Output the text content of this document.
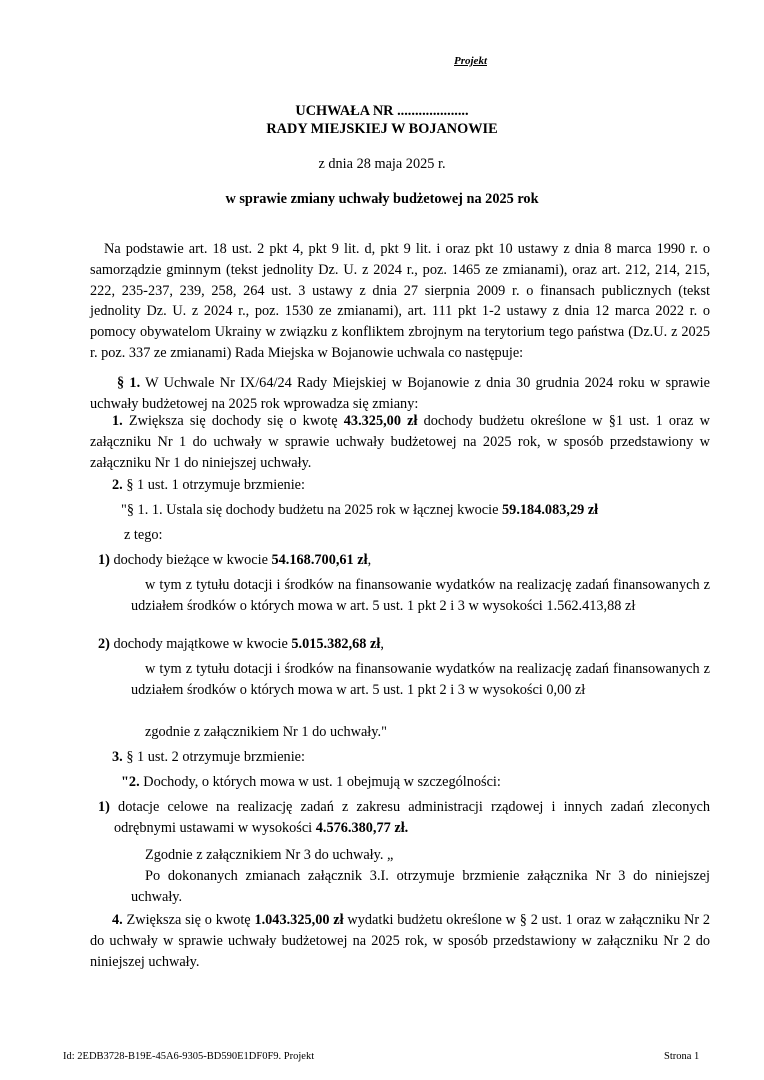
Projekt
UCHWAŁA NR ....................
RADY MIEJSKIEJ W BOJANOWIE
z dnia 28 maja 2025 r.
w sprawie zmiany uchwały budżetowej na 2025 rok
Na podstawie art. 18 ust. 2 pkt 4, pkt 9 lit. d, pkt 9 lit. i oraz pkt 10 ustawy z dnia 8 marca 1990 r. o samorządzie gminnym (tekst jednolity Dz. U. z 2024 r., poz. 1465 ze zmianami), oraz art. 212, 214, 215, 222, 235-237, 239, 258, 264 ust. 3 ustawy z dnia 27 sierpnia 2009 r. o finansach publicznych (tekst jednolity Dz. U. z 2024 r., poz. 1530 ze zmianami), art. 111 pkt 1-2 ustawy z dnia 12 marca 2022 r. o pomocy obywatelom Ukrainy w związku z konfliktem zbrojnym na terytorium tego państwa (Dz.U. z 2025 r. poz. 337 ze zmianami) Rada Miejska w Bojanowie uchwala co następuje:
§ 1. W Uchwale Nr IX/64/24 Rady Miejskiej w Bojanowie z dnia 30 grudnia 2024 roku w sprawie uchwały budżetowej na 2025 rok wprowadza się zmiany:
1. Zwiększa się dochody się o kwotę 43.325,00 zł dochody budżetu określone w §1 ust. 1 oraz w załączniku Nr 1 do uchwały w sprawie uchwały budżetowej na 2025 rok, w sposób przedstawiony w załączniku Nr 1 do niniejszej uchwały.
2. § 1 ust. 1 otrzymuje brzmienie:
"§ 1. 1. Ustala się dochody budżetu na 2025 rok w łącznej kwocie 59.184.083,29 zł
z tego:
1) dochody bieżące w kwocie 54.168.700,61 zł,
w tym z tytułu dotacji i środków na finansowanie wydatków na realizację zadań finansowanych z udziałem środków o których mowa w art. 5 ust. 1 pkt 2 i 3 w wysokości 1.562.413,88 zł
2) dochody majątkowe w kwocie 5.015.382,68 zł,
w tym z tytułu dotacji i środków na finansowanie wydatków na realizację zadań finansowanych z udziałem środków o których mowa w art. 5 ust. 1 pkt 2 i 3 w wysokości 0,00 zł
zgodnie z załącznikiem Nr 1 do uchwały."
3. § 1 ust. 2 otrzymuje brzmienie:
"2. Dochody, o których mowa w ust. 1 obejmują w szczególności:
1) dotacje celowe na realizację zadań z zakresu administracji rządowej i innych zadań zleconych odrębnymi ustawami w wysokości 4.576.380,77 zł.
Zgodnie z załącznikiem Nr 3 do uchwały. „
Po dokonanych zmianach załącznik 3.I. otrzymuje brzmienie załącznika Nr 3 do niniejszej uchwały.
4. Zwiększa się o kwotę 1.043.325,00 zł wydatki budżetu określone w § 2 ust. 1 oraz w załączniku Nr 2 do uchwały w sprawie uchwały budżetowej na 2025 rok, w sposób przedstawiony w załączniku Nr 2 do niniejszej uchwały.
Id: 2EDB3728-B19E-45A6-9305-BD590E1DF0F9. Projekt	Strona 1
